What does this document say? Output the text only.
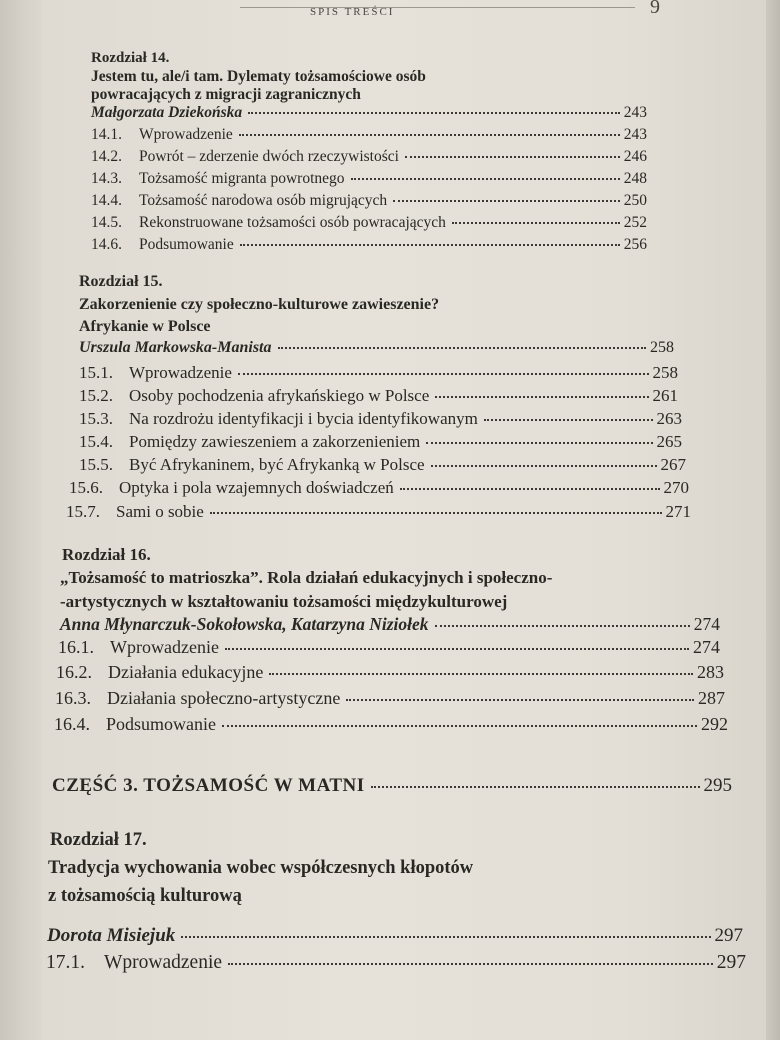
SPIS TREŚCI	9
Rozdział 14.
Jestem tu, ale/i tam. Dylematy tożsamościowe osób
powracających z migracji zagranicznych
Małgorzata Dziekońska	243
14.1.	Wprowadzenie	243
14.2.	Powrót – zderzenie dwóch rzeczywistości	246
14.3.	Tożsamość migranta powrotnego	248
14.4.	Tożsamość narodowa osób migrujących	250
14.5.	Rekonstruowane tożsamości osób powracających	252
14.6.	Podsumowanie	256
Rozdział 15.
Zakorzenienie czy społeczno-kulturowe zawieszenie?
Afrykanie w Polsce
Urszula Markowska-Manista	258
15.1. Wprowadzenie	258
15.2. Osoby pochodzenia afrykańskiego w Polsce	261
15.3. Na rozdrożu identyfikacji i bycia identyfikowanym	263
15.4. Pomiędzy zawieszeniem a zakorzenieniem	265
15.5. Być Afrykaninem, być Afrykanką w Polsce	267
15.6. Optyka i pola wzajemnych doświadczeń	270
15.7. Sami o sobie	271
Rozdział 16.
„Tożsamość to matrioszka”. Rola działań edukacyjnych i społeczno-
-artystycznych w kształtowaniu tożsamości międzykulturowej
Anna Młynarczuk-Sokołowska, Katarzyna Niziołek	274
16.1. Wprowadzenie	274
16.2. Działania edukacyjne	283
16.3. Działania społeczno-artystyczne	287
16.4. Podsumowanie	292
CZĘŚĆ 3. TOŻSAMOŚĆ W MATNI	295
Rozdział 17.
Tradycja wychowania wobec współczesnych kłopotów
z tożsamością kulturową
Dorota Misiejuk	297
17.1. Wprowadzenie	297
